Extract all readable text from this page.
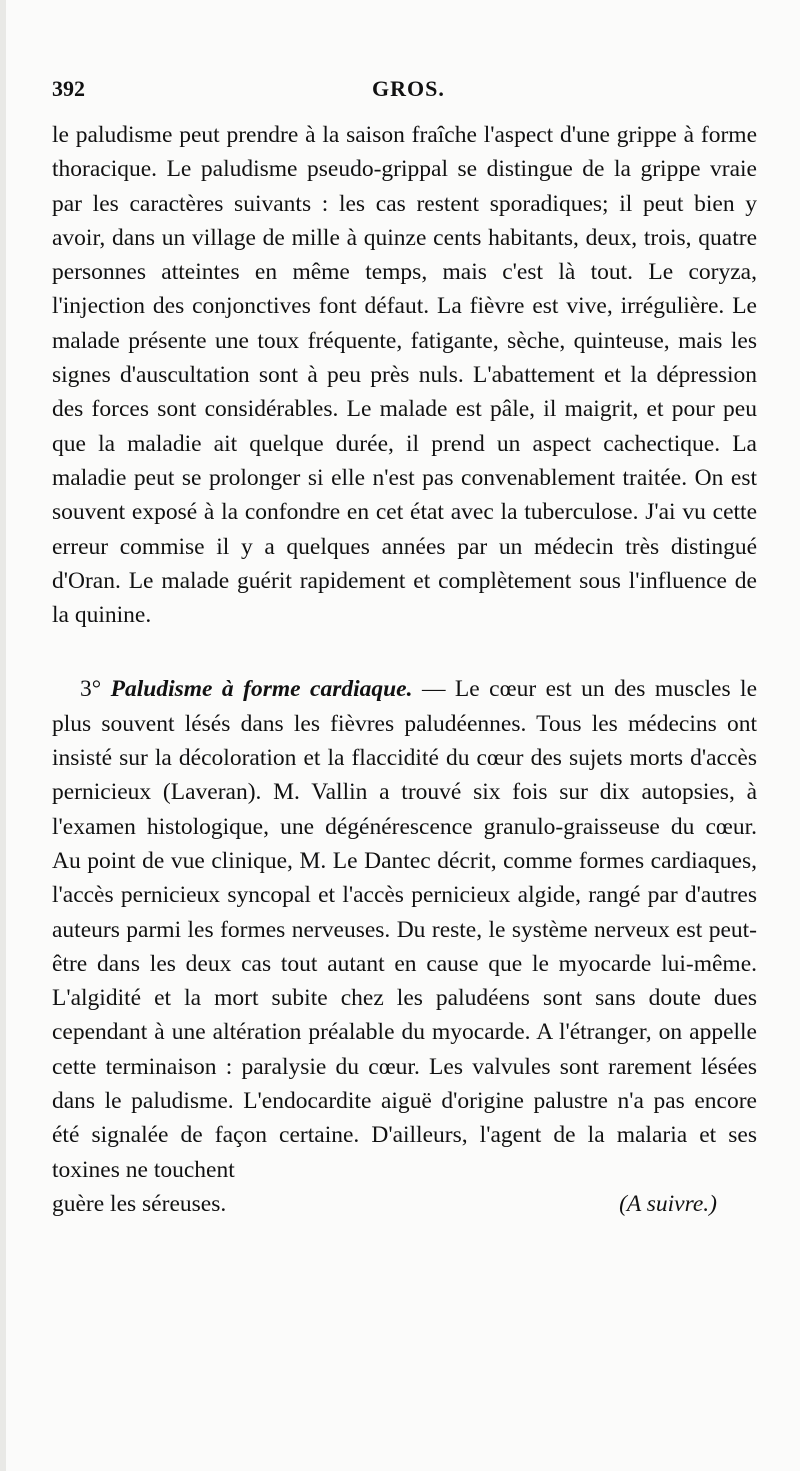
392	GROS.

le paludisme peut prendre à la saison fraîche l'aspect d'une grippe à forme thoracique. Le paludisme pseudo-grippal se distingue de la grippe vraie par les caractères suivants : les cas restent sporadiques; il peut bien y avoir, dans un village de mille à quinze cents habitants, deux, trois, quatre personnes atteintes en même temps, mais c'est là tout. Le coryza, l'injection des conjonctives font défaut. La fièvre est vive, irrégulière. Le malade présente une toux fréquente, fatigante, sèche, quinteuse, mais les signes d'auscultation sont à peu près nuls. L'abattement et la dépression des forces sont considérables. Le malade est pâle, il maigrit, et pour peu que la maladie ait quelque durée, il prend un aspect cachectique. La maladie peut se prolonger si elle n'est pas convenablement traitée. On est souvent exposé à la confondre en cet état avec la tuberculose. J'ai vu cette erreur commise il y a quelques années par un médecin très distingué d'Oran. Le malade guérit rapidement et complètement sous l'influence de la quinine.

3° Paludisme à forme cardiaque. — Le cœur est un des muscles le plus souvent lésés dans les fièvres paludéennes. Tous les médecins ont insisté sur la décoloration et la flaccidité du cœur des sujets morts d'accès pernicieux (Laveran). M. Vallin a trouvé six fois sur dix autopsies, à l'examen histologique, une dégénérescence granulo-graisseuse du cœur. Au point de vue clinique, M. Le Dantec décrit, comme formes cardiaques, l'accès pernicieux syncopal et l'accès pernicieux algide, rangé par d'autres auteurs parmi les formes nerveuses. Du reste, le système nerveux est peut-être dans les deux cas tout autant en cause que le myocarde lui-même. L'algidité et la mort subite chez les paludéens sont sans doute dues cependant à une altération préalable du myocarde. A l'étranger, on appelle cette terminaison : paralysie du cœur. Les valvules sont rarement lésées dans le paludisme. L'endocardite aiguë d'origine palustre n'a pas encore été signalée de façon certaine. D'ailleurs, l'agent de la malaria et ses toxines ne touchent

guère les séreuses.	(A suivre.)
